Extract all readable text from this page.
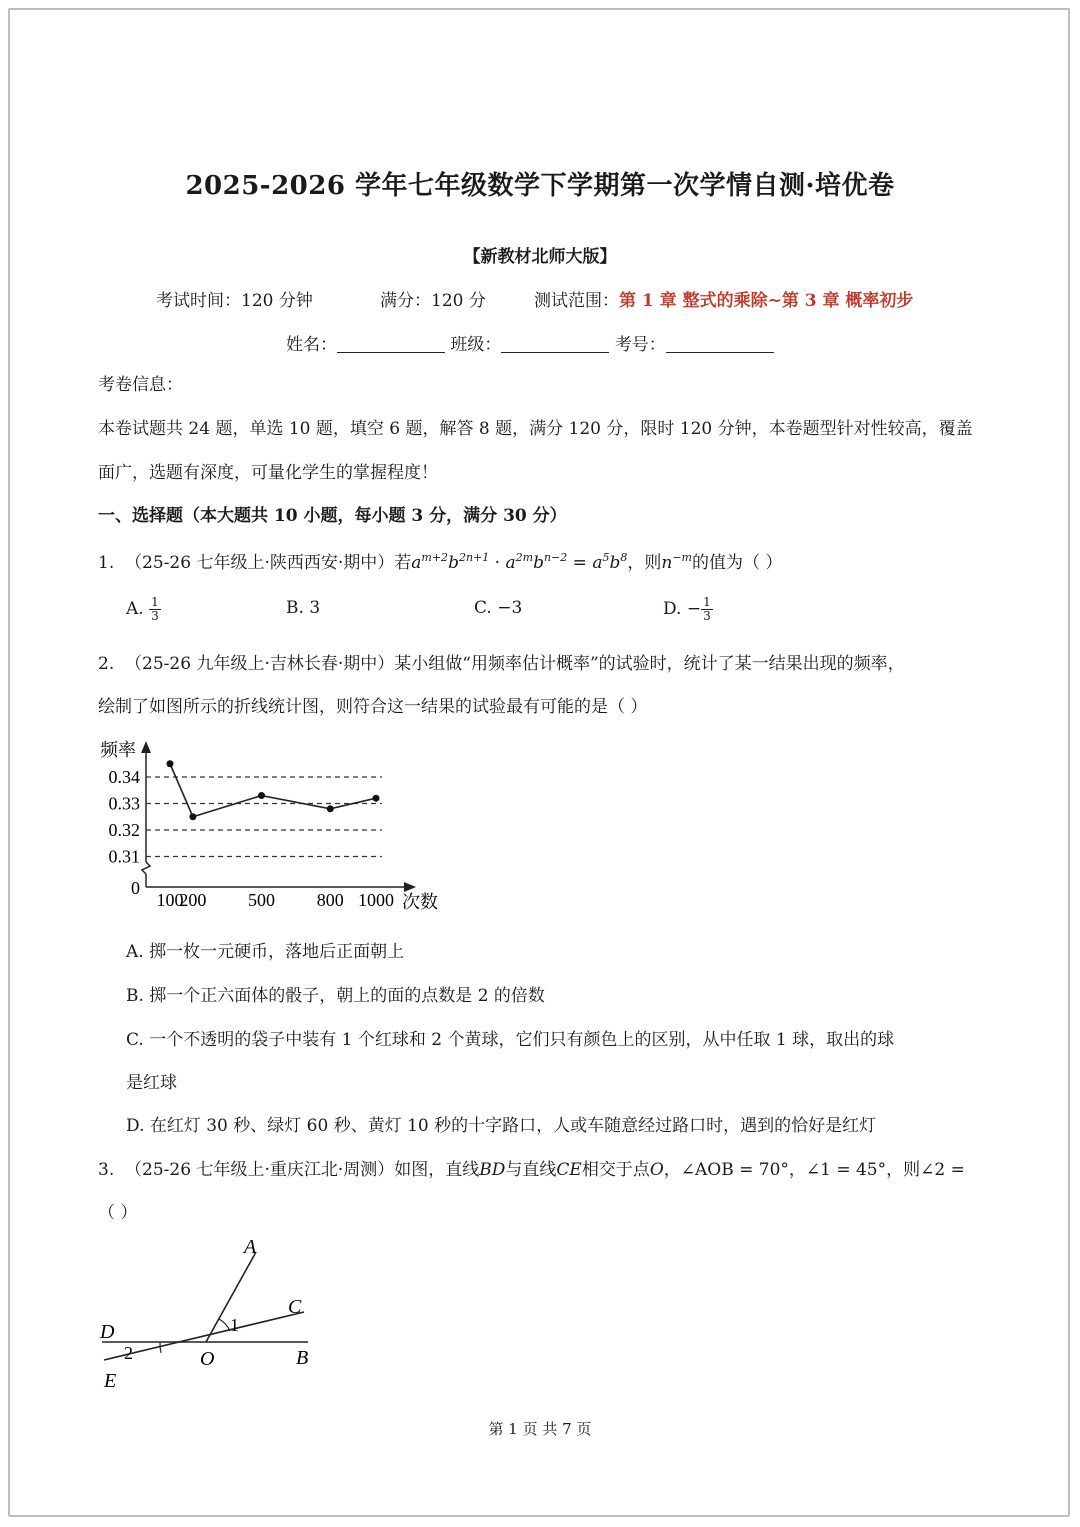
2025-2026 学年七年级数学下学期第一次学情自测·培优卷
【新教材北师大版】
考试时间：120 分钟	满分：120 分	测试范围：第 1 章 整式的乘除~第 3 章 概率初步
姓名：	班级：	考号：
考卷信息：
本卷试题共 24 题，单选 10 题，填空 6 题，解答 8 题，满分 120 分，限时 120 分钟，本卷题型针对性较高，覆盖
面广，选题有深度，可量化学生的掌握程度！
一、选择题（本大题共 10 小题，每小题 3 分，满分 30 分）
1. （25-26 七年级上·陕西西安·期中）若$a^{m+2}b^{2n+1} \cdot a^{2m}b^{n-2} = a^5b^8$，则$n^{-m}$的值为（ ）
A. $\frac{1}{3}$	B. 3	C. −3	D. − $\frac{1}{3}$
2. （25-26 九年级上·吉林长春·期中）某小组做“用频率估计概率”的试验时，统计了某一结果出现的频率，
绘制了如图所示的折线统计图，则符合这一结果的试验最有可能的是（ ）
0.34
0.33
0.32
0.31
0
频率
100
200 500 800 1000 次数
A. 掷一枚一元硬币，落地后正面朝上
B. 掷一个正六面体的骰子，朝上的面的点数是 2 的倍数
C. 一个不透明的袋子中装有 1 个红球和 2 个黄球，它们只有颜色上的区别，从中任取 1 球，取出的球
是红球
D. 在红灯 30 秒、绿灯 60 秒、黄灯 10 秒的十字路口，人或车随意经过路口时，遇到的恰好是红灯
3. （25-26 七年级上·重庆江北·周测）如图，直线BD与直线CE相交于点O，∠AOB = 70°，∠1 = 45°，则∠2 =
（ ）
A
C
D
O	B
E
1
2
第 1 页 共 7 页
